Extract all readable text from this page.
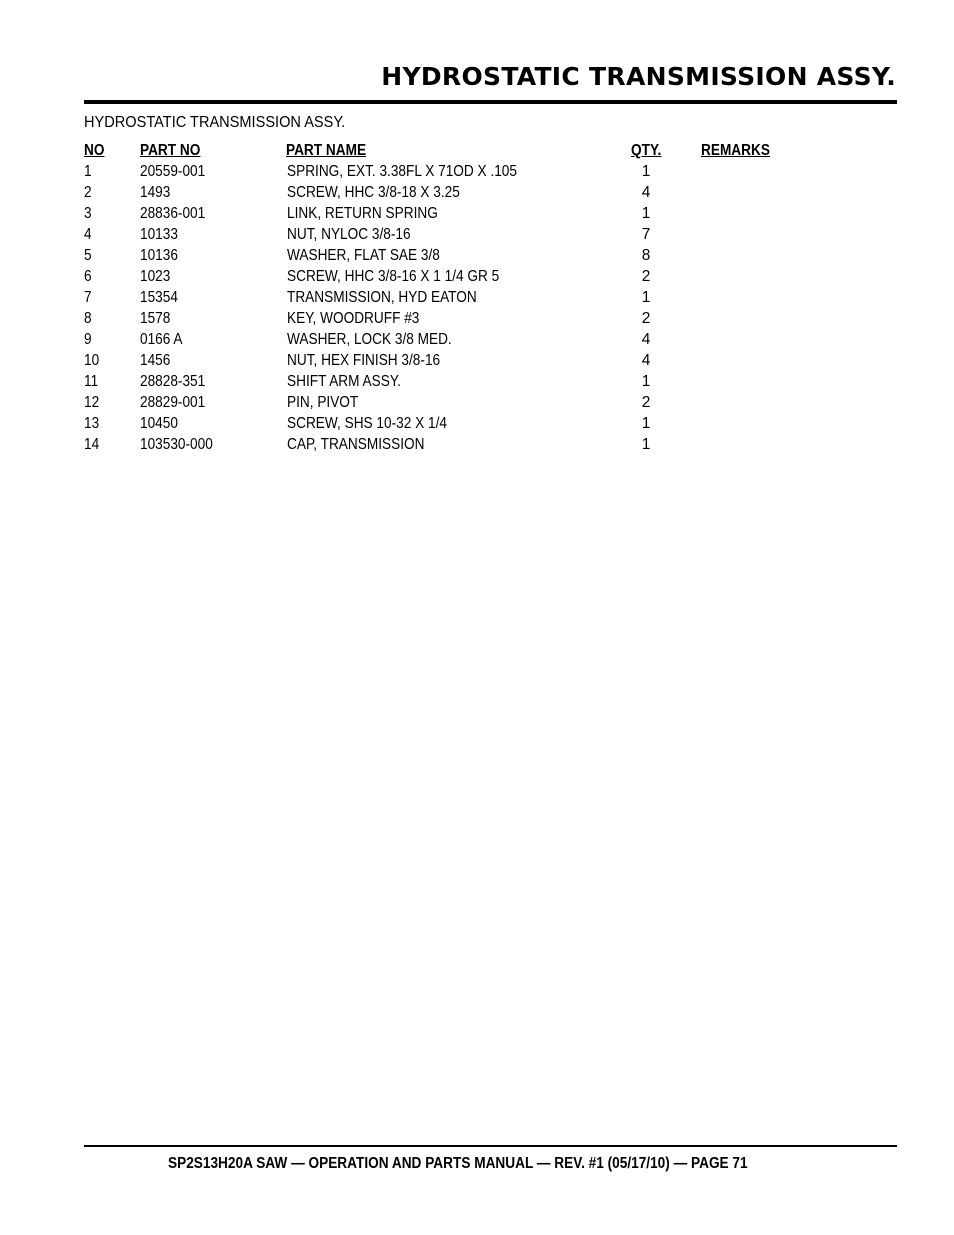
HYDROSTATIC TRANSMISSION ASSY.
HYDROSTATIC TRANSMISSION ASSY.
NO PART NO	PART NAME	QTY.	REMARKS
1	20559-001	SPRING, EXT. 3.38FL X 71OD X .105	1
2	1493	SCREW, HHC 3/8-18 X 3.25	4
3	28836-001	LINK, RETURN SPRING	1
4	10133	NUT, NYLOC 3/8-16	7
5	10136	WASHER, FLAT SAE 3/8	8
6	1023	SCREW, HHC 3/8-16 X 1 1/4 GR 5	2
7	15354	TRANSMISSION, HYD EATON	1
8	1578	KEY, WOODRUFF #3	2
9	0166 A	WASHER, LOCK 3/8 MED.	4
10	1456	NUT, HEX FINISH 3/8-16	4
11	28828-351	SHIFT ARM ASSY.	1
12	28829-001	PIN, PIVOT	2
13	10450	SCREW, SHS 10-32 X 1/4	1
14	103530-000	CAP, TRANSMISSION	1
SP2S13H20A SAW — OPERATION AND PARTS MANUAL — REV. #1 (05/17/10) — PAGE 71
